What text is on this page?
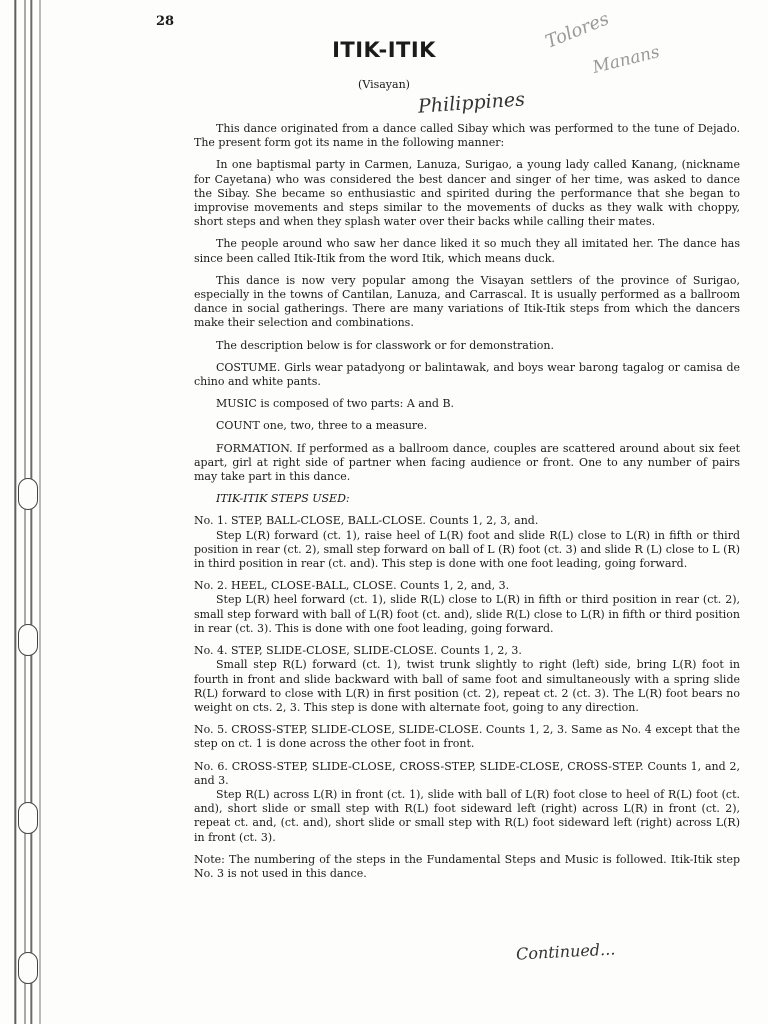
28
ITIK-ITIK
(Visayan)
Philippines
Tolores
Manans

This dance originated from a dance called Sibay which was performed to the tune of Dejado. The present form got its name in the following manner:

In one baptismal party in Carmen, Lanuza, Surigao, a young lady called Kanang, (nickname for Cayetana) who was considered the best dancer and singer of her time, was asked to dance the Sibay. She became so enthusiastic and spirited during the performance that she began to improvise movements and steps similar to the movements of ducks as they walk with choppy, short steps and when they splash water over their backs while calling their mates.

The people around who saw her dance liked it so much they all imitated her. The dance has since been called Itik-Itik from the word Itik, which means duck.

This dance is now very popular among the Visayan settlers of the province of Surigao, especially in the towns of Cantilan, Lanuza, and Carrascal. It is usually performed as a ballroom dance in social gatherings. There are many variations of Itik-Itik steps from which the dancers make their selection and combinations.

The description below is for classwork or for demonstration.

COSTUME. Girls wear patadyong or balintawak, and boys wear barong tagalog or camisa de chino and white pants.

MUSIC is composed of two parts: A and B.

COUNT one, two, three to a measure.

FORMATION. If performed as a ballroom dance, couples are scattered around about six feet apart, girl at right side of partner when facing audience or front. One to any number of pairs may take part in this dance.

ITIK-ITIK STEPS USED:

No. 1. STEP, BALL-CLOSE, BALL-CLOSE. Counts 1, 2, 3, and.

Step L(R) forward (ct. 1), raise heel of L(R) foot and slide R(L) close to L(R) in fifth or third position in rear (ct. 2), small step forward on ball of L (R) foot (ct. 3) and slide R (L) close to L (R) in third position in rear (ct. and). This step is done with one foot leading, going forward.

No. 2. HEEL, CLOSE-BALL, CLOSE. Counts 1, 2, and, 3.

Step L(R) heel forward (ct. 1), slide R(L) close to L(R) in fifth or third position in rear (ct. 2), small step forward with ball of L(R) foot (ct. and), slide R(L) close to L(R) in fifth or third position in rear (ct. 3). This is done with one foot leading, going forward.

No. 4. STEP, SLIDE-CLOSE, SLIDE-CLOSE. Counts 1, 2, 3.

Small step R(L) forward (ct. 1), twist trunk slightly to right (left) side, bring L(R) foot in fourth in front and slide backward with ball of same foot and simultaneously with a spring slide R(L) forward to close with L(R) in first position (ct. 2), repeat ct. 2 (ct. 3). The L(R) foot bears no weight on cts. 2, 3. This step is done with alternate foot, going to any direction.

No. 5. CROSS-STEP, SLIDE-CLOSE, SLIDE-CLOSE. Counts 1, 2, 3. Same as No. 4 except that the step on ct. 1 is done across the other foot in front.

No. 6. CROSS-STEP, SLIDE-CLOSE, CROSS-STEP, SLIDE-CLOSE, CROSS-STEP. Counts 1, and 2, and 3.

Step R(L) across L(R) in front (ct. 1), slide with ball of L(R) foot close to heel of R(L) foot (ct. and), short slide or small step with R(L) foot sideward left (right) across L(R) in front (ct. 2), repeat ct. and, (ct. and), short slide or small step with R(L) foot sideward left (right) across L(R) in front (ct. 3).

Note: The numbering of the steps in the Fundamental Steps and Music is followed. Itik-Itik step No. 3 is not used in this dance.

Continued...
